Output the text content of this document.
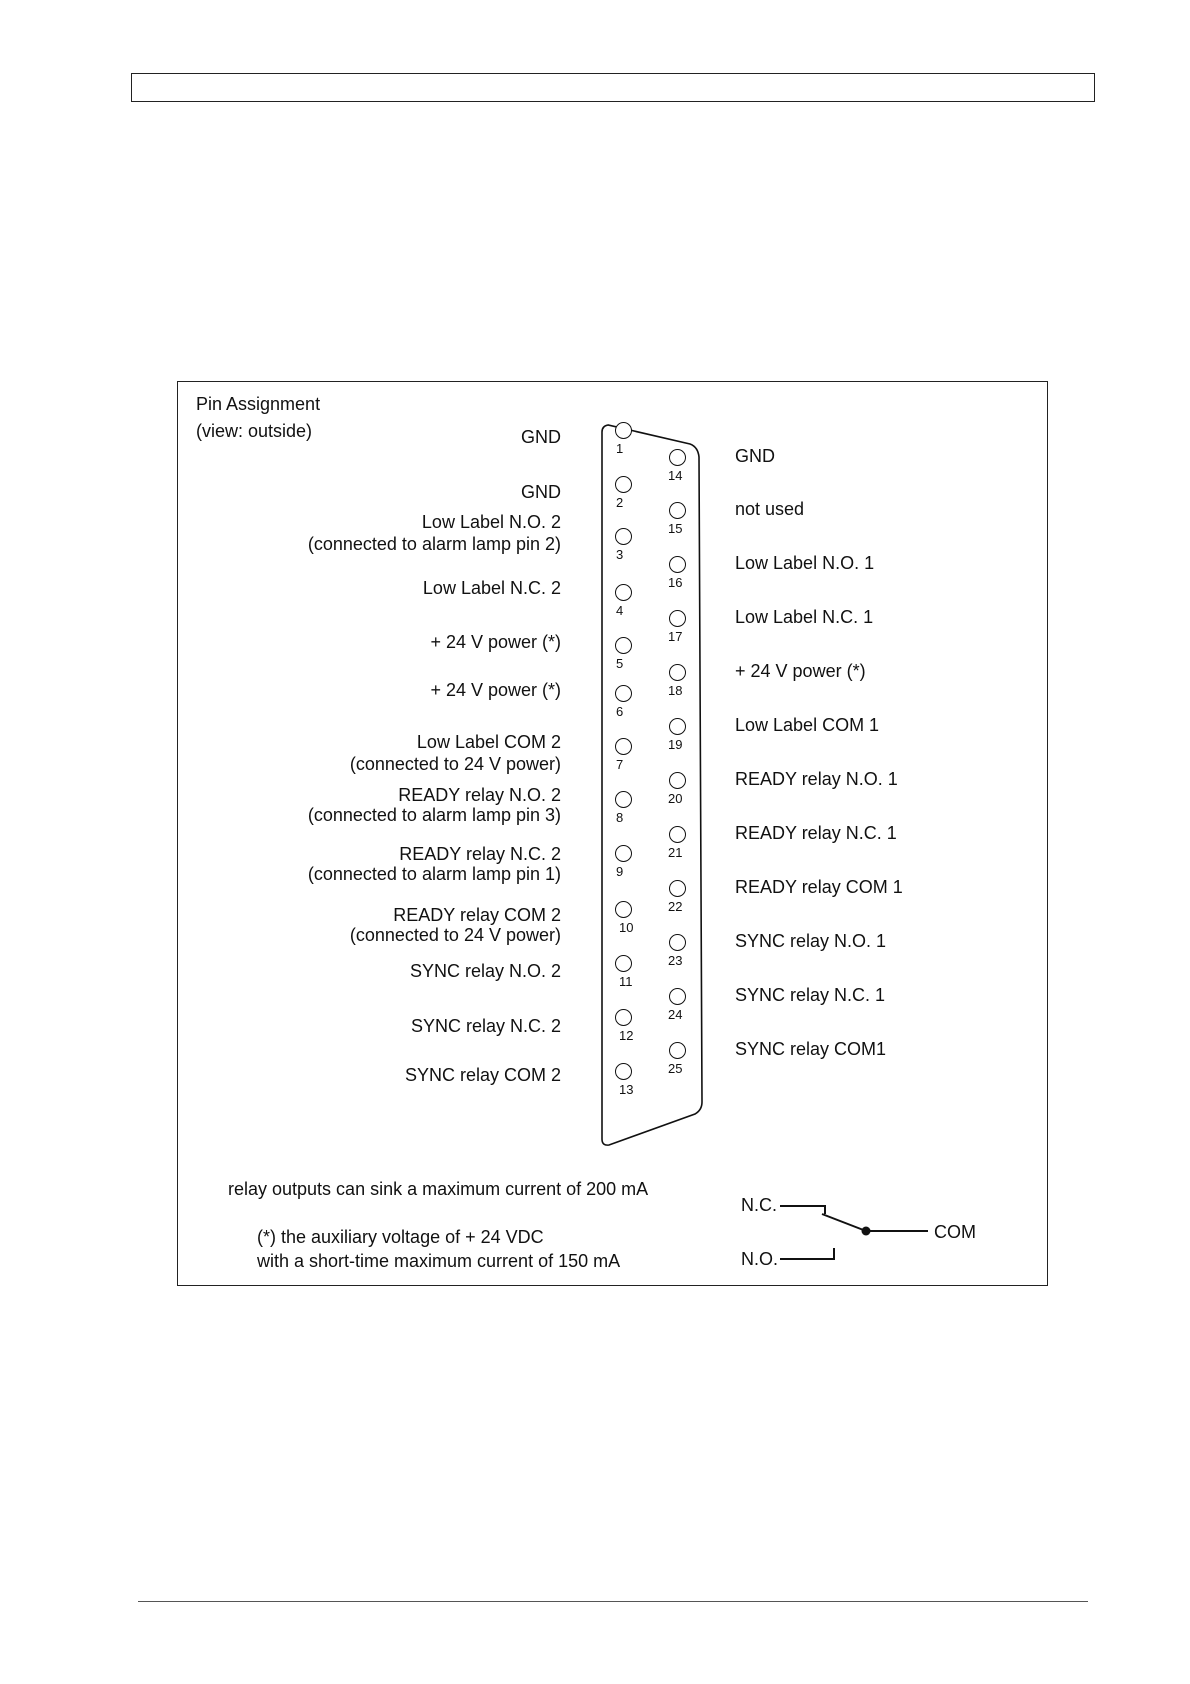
Pin Assignment
(view: outside)
1
GND
2
GND
3
Low Label N.O. 2
(connected to alarm lamp pin 2)
4
Low Label N.C. 2
5
+ 24 V power (*)
6
+ 24 V power (*)
7
Low Label COM 2
(connected to 24 V power)
8
READY relay N.O. 2
(connected to alarm lamp pin 3)
9
READY relay N.C. 2
(connected to alarm lamp pin 1)
10
READY relay COM 2
(connected to 24 V power)
11
SYNC relay N.O. 2
12
SYNC relay N.C. 2
13
SYNC relay COM 2
14
GND
15
not used
16
Low Label N.O. 1
17
Low Label N.C. 1
18
+ 24 V power (*)
19
Low Label COM 1
20
READY relay N.O. 1
21
READY relay N.C. 1
22
READY relay COM 1
23
SYNC relay N.O. 1
24
SYNC relay N.C. 1
25
SYNC relay COM1
relay outputs can sink a maximum current of 200 mA
(*) the auxiliary voltage of + 24 VDC
with a short-time maximum current of 150 mA
N.C.
N.O.
COM
